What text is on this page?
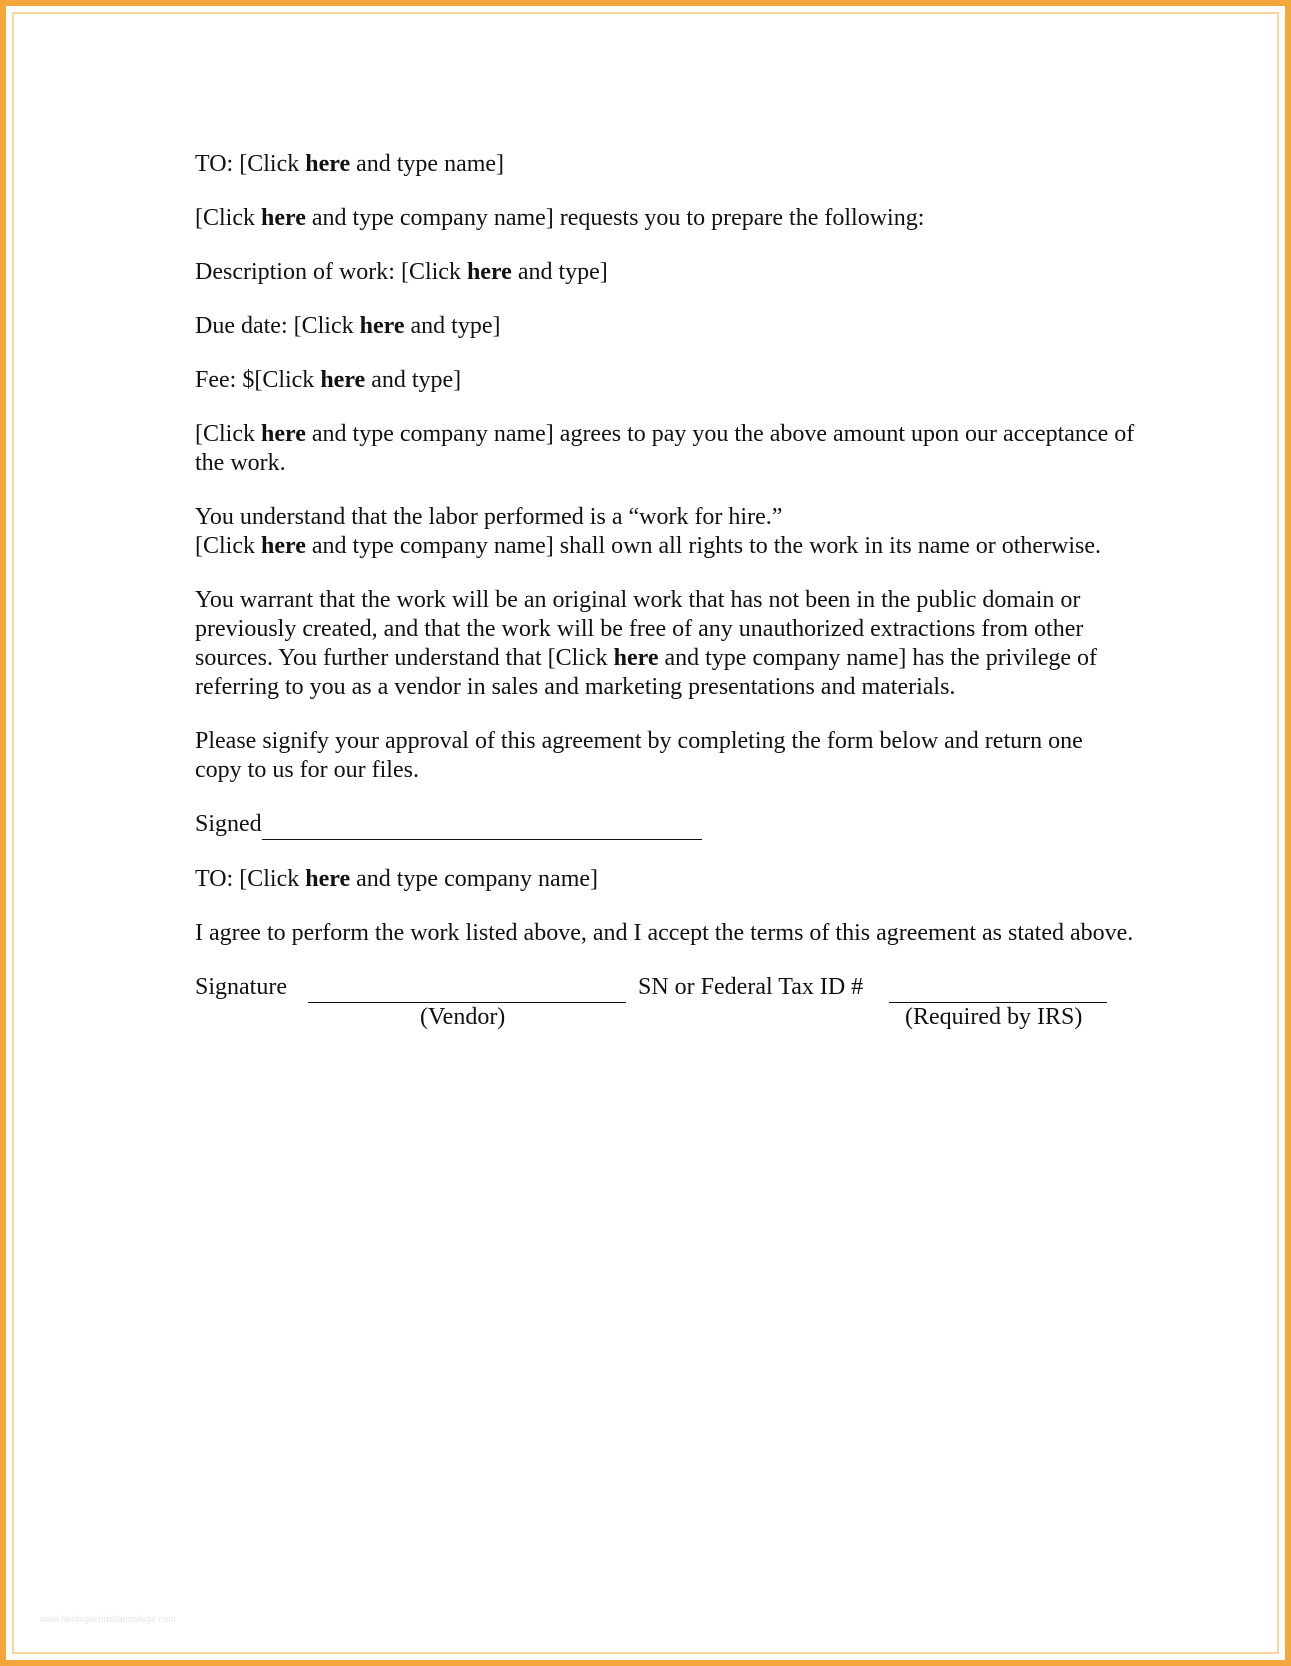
TO: [Click here and type name]

[Click here and type company name] requests you to prepare the following:

Description of work: [Click here and type]

Due date: [Click here and type]

Fee: $[Click here and type]

[Click here and type company name] agrees to pay you the above amount upon our acceptance of the work.

You understand that the labor performed is a “work for hire.”
[Click here and type company name] shall own all rights to the work in its name or otherwise.

You warrant that the work will be an original work that has not been in the public domain or previously created, and that the work will be free of any unauthorized extractions from other sources. You further understand that [Click here and type company name] has the privilege of referring to you as a vendor in sales and marketing presentations and materials.

Please signify your approval of this agreement by completing the form below and return one copy to us for our files.

Signed

TO: [Click here and type company name]

I agree to perform the work listed above, and I accept the terms of this agreement as stated above.

Signature

(Vendor)
SN or Federal Tax ID #

(Required by IRS)
www.heritagechristiancollege.com
